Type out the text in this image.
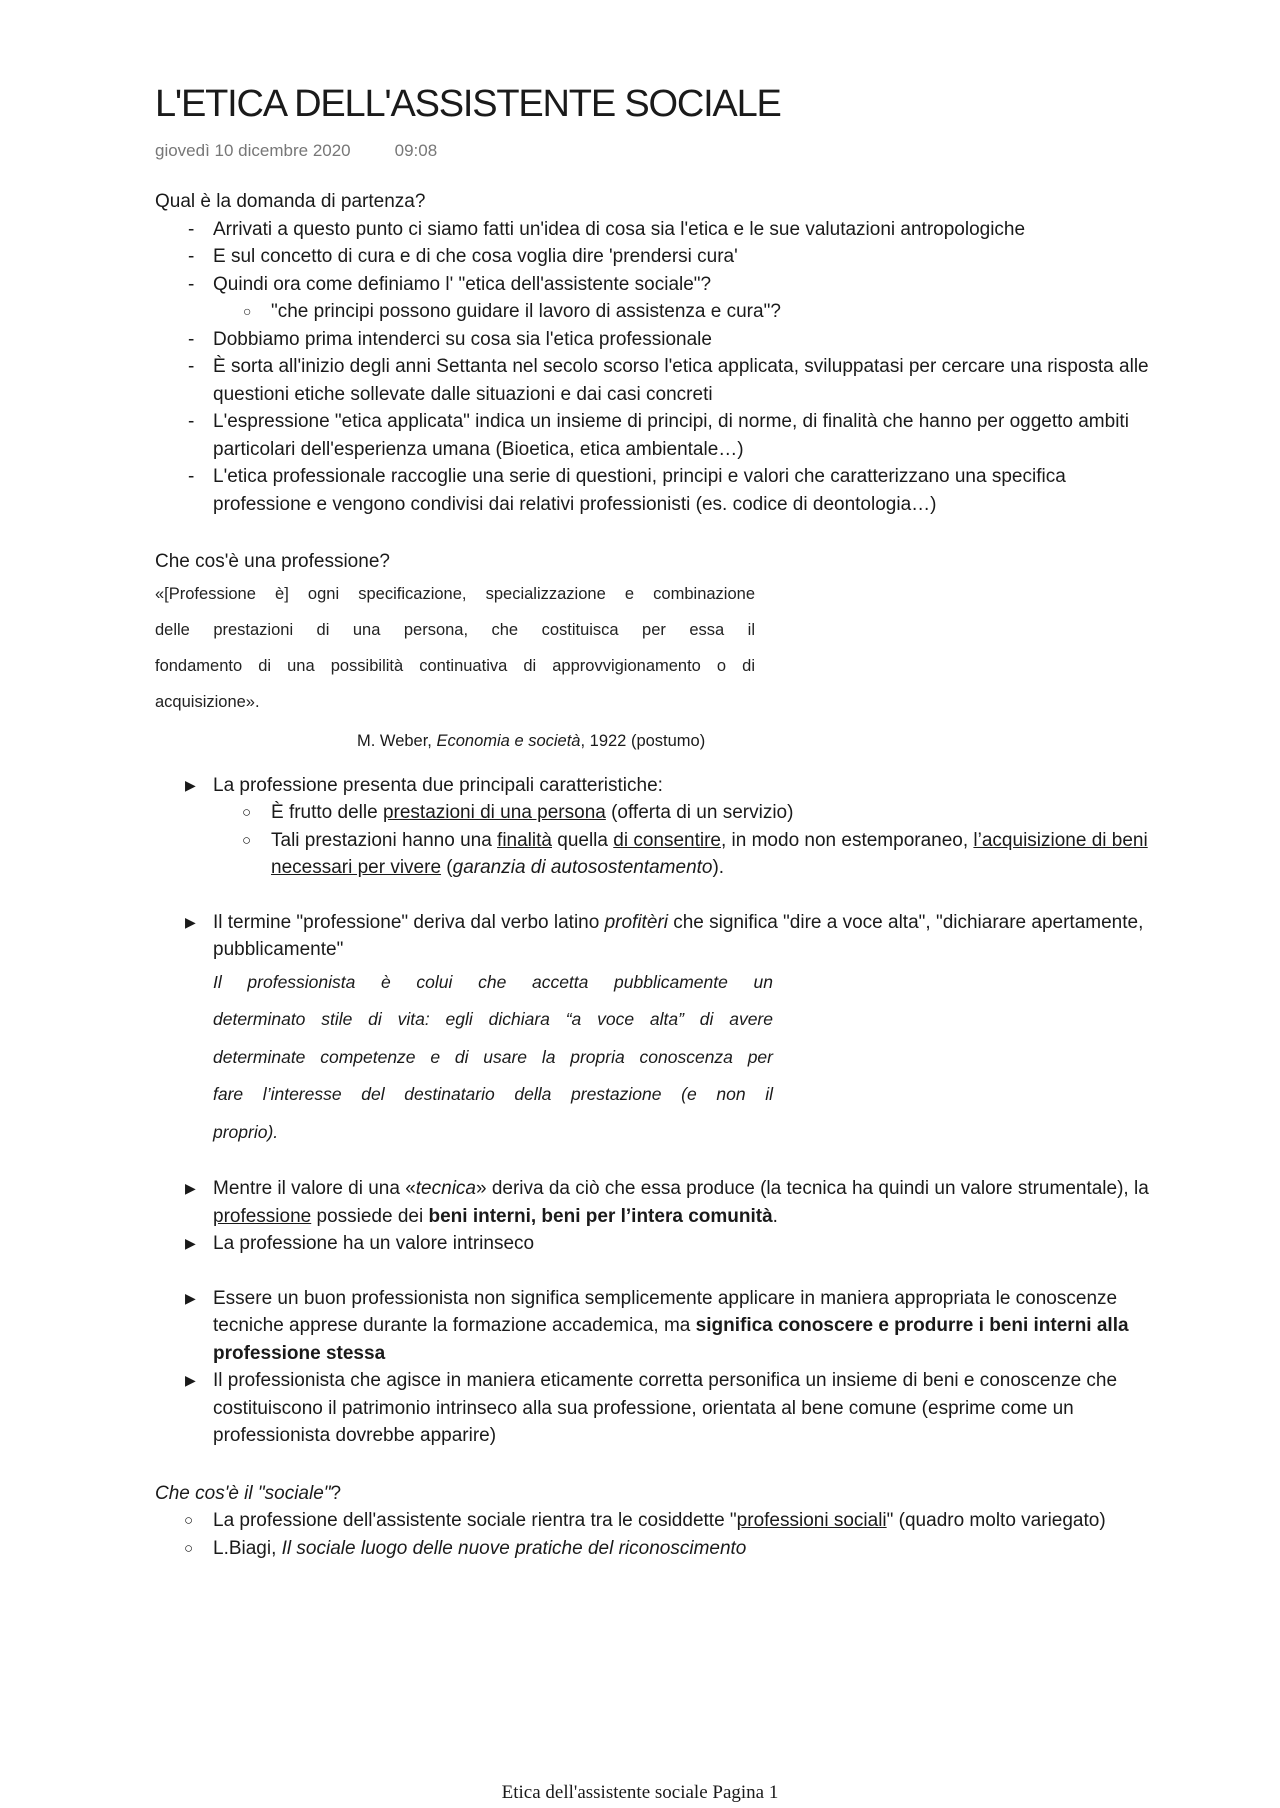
L'ETICA DELL'ASSISTENTE SOCIALE
giovedì 10 dicembre 2020	09:08

Qual è la domanda di partenza?

- Arrivati a questo punto ci siamo fatti un'idea di cosa sia l'etica e le sue valutazioni antropologiche
- E sul concetto di cura e di che cosa voglia dire 'prendersi cura'
- Quindi ora come definiamo l' "etica dell'assistente sociale"?
○ "che principi possono guidare il lavoro di assistenza e cura"?
- Dobbiamo prima intenderci su cosa sia l'etica professionale
- È sorta all'inizio degli anni Settanta nel secolo scorso l'etica applicata, sviluppatasi per cercare una risposta alle questioni etiche sollevate dalle situazioni e dai casi concreti
- L'espressione "etica applicata" indica un insieme di principi, di norme, di finalità che hanno per oggetto ambiti particolari dell'esperienza umana (Bioetica, etica ambientale…)
- L'etica professionale raccoglie una serie di questioni, principi e valori che caratterizzano una specifica professione e vengono condivisi dai relativi professionisti (es. codice di deontologia…)

Che cos'è una professione?

«[Professione è] ogni specificazione, specializzazione e combinazione

delle prestazioni di una persona, che costituisca per essa il

fondamento di una possibilità continuativa di approvvigionamento o di

acquisizione».

M. Weber, Economia e società, 1922 (postumo)

▶ La professione presenta due principali caratteristiche:
○ È frutto delle prestazioni di una persona (offerta di un servizio)
○ Tali prestazioni hanno una finalità quella di consentire, in modo non estemporaneo, l’acquisizione di beni necessari per vivere (garanzia di autosostentamento).
▶ Il termine "professione" deriva dal verbo latino profitèri che significa "dire a voce alta", "dichiarare apertamente, pubblicamente"

Il professionista è colui che accetta pubblicamente un

determinato stile di vita: egli dichiara “a voce alta” di avere

determinate competenze e di usare la propria conoscenza per

fare l’interesse del destinatario della prestazione (e non il

proprio).

▶ Mentre il valore di una «tecnica» deriva da ciò che essa produce (la tecnica ha quindi un valore strumentale), la professione possiede dei beni interni, beni per l’intera comunità.
▶ La professione ha un valore intrinseco
▶ Essere un buon professionista non significa semplicemente applicare in maniera appropriata le conoscenze tecniche apprese durante la formazione accademica, ma significa conoscere e produrre i beni interni alla professione stessa
▶ Il professionista che agisce in maniera eticamente corretta personifica un insieme di beni e conoscenze che costituiscono il patrimonio intrinseco alla sua professione, orientata al bene comune (esprime come un professionista dovrebbe apparire)

Che cos'è il "sociale"?

○ La professione dell'assistente sociale rientra tra le cosiddette "professioni sociali" (quadro molto variegato)
○ L.Biagi, Il sociale luogo delle nuove pratiche del riconoscimento
Etica dell'assistente sociale Pagina 1
